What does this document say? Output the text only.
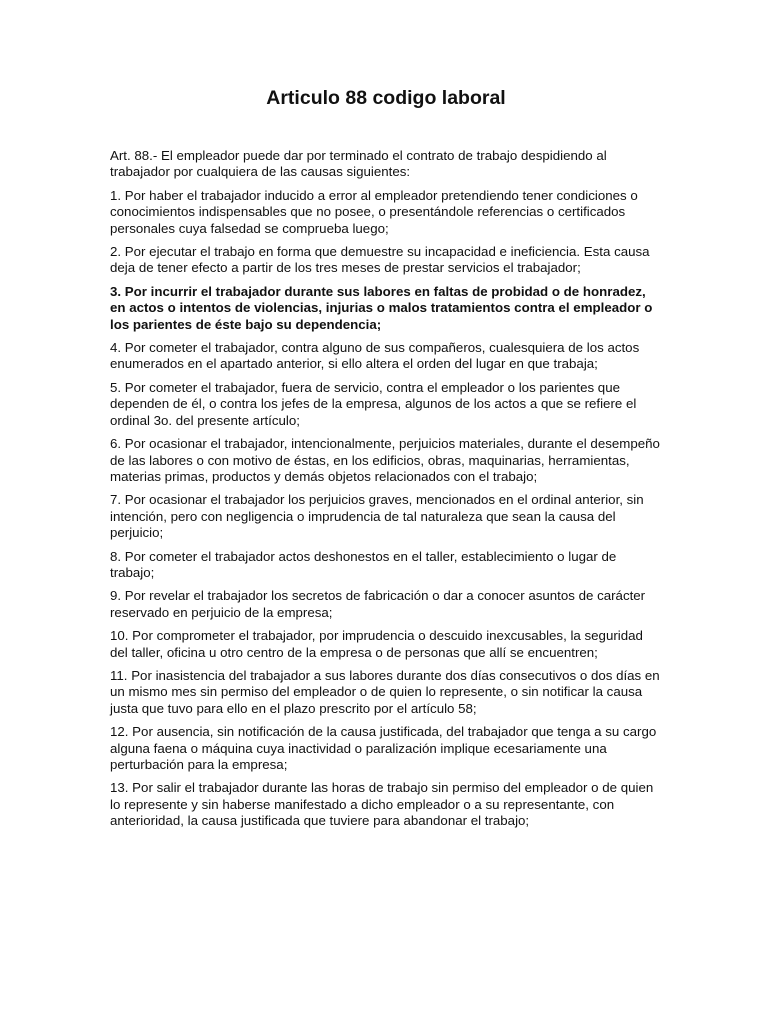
Articulo 88 codigo laboral

Art. 88.- El empleador puede dar por terminado el contrato de trabajo despidiendo al trabajador por cualquiera de las causas siguientes:

1. Por haber el trabajador inducido a error al empleador pretendiendo tener condiciones o conocimientos indispensables que no posee, o presentándole referencias o certificados personales cuya falsedad se comprueba luego;

2. Por ejecutar el trabajo en forma que demuestre su incapacidad e ineficiencia. Esta causa deja de tener efecto a partir de los tres meses de prestar servicios el trabajador;

3. Por incurrir el trabajador durante sus labores en faltas de probidad o de honradez, en actos o intentos de violencias, injurias o malos tratamientos contra el empleador o los parientes de éste bajo su dependencia;

4. Por cometer el trabajador, contra alguno de sus compañeros, cualesquiera de los actos enumerados en el apartado anterior, si ello altera el orden del lugar en que trabaja;

5. Por cometer el trabajador, fuera de servicio, contra el empleador o los parientes que dependen de él, o contra los jefes de la empresa, algunos de los actos a que se refiere el ordinal 3o. del presente artículo;

6. Por ocasionar el trabajador, intencionalmente, perjuicios materiales, durante el desempeño de las labores o con motivo de éstas, en los edificios, obras, maquinarias, herramientas, materias primas, productos y demás objetos relacionados con el trabajo;

7. Por ocasionar el trabajador los perjuicios graves, mencionados en el ordinal anterior, sin intención, pero con negligencia o imprudencia de tal naturaleza que sean la causa del perjuicio;

8. Por cometer el trabajador actos deshonestos en el taller, establecimiento o lugar de trabajo;

9. Por revelar el trabajador los secretos de fabricación o dar a conocer asuntos de carácter reservado en perjuicio de la empresa;

10. Por comprometer el trabajador, por imprudencia o descuido inexcusables, la seguridad del taller, oficina u otro centro de la empresa o de personas que allí se encuentren;

11. Por inasistencia del trabajador a sus labores durante dos días consecutivos o dos días en un mismo mes sin permiso del empleador o de quien lo represente, o sin notificar la causa justa que tuvo para ello en el plazo prescrito por el artículo 58;

12. Por ausencia, sin notificación de la causa justificada, del trabajador que tenga a su cargo alguna faena o máquina cuya inactividad o paralización implique ecesariamente una perturbación para la empresa;

13. Por salir el trabajador durante las horas de trabajo sin permiso del empleador o de quien lo represente y sin haberse manifestado a dicho empleador o a su representante, con anterioridad, la causa justificada que tuviere para abandonar el trabajo;
